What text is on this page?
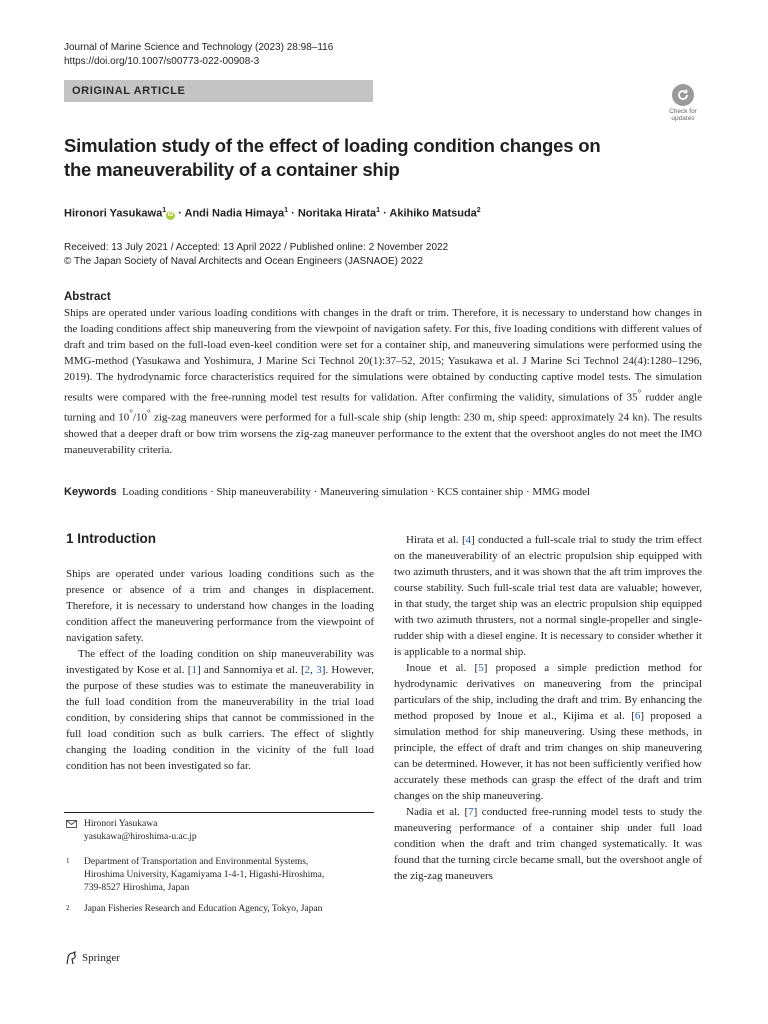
Journal of Marine Science and Technology (2023) 28:98–116
https://doi.org/10.1007/s00773-022-00908-3
ORIGINAL ARTICLE
Check for
updates
Simulation study of the effect of loading condition changes on the maneuverability of a container ship
Hironori Yasukawa$^1$iD · Andi Nadia Himaya$^1$ · Noritaka Hirata$^1$ · Akihiko Matsuda$^2$
Received: 13 July 2021 / Accepted: 13 April 2022 / Published online: 2 November 2022
© The Japan Society of Naval Architects and Ocean Engineers (JASNAOE) 2022
Abstract
Ships are operated under various loading conditions with changes in the draft or trim. Therefore, it is necessary to understand how changes in the loading conditions affect ship maneuvering from the viewpoint of navigation safety. For this, five loading conditions with different values of draft and trim based on the full-load even-keel condition were set for a container ship, and maneuvering simulations were performed using the MMG-method (Yasukawa and Yoshimura, J Marine Sci Technol 20(1):37–52, 2015; Yasukawa et al. J Marine Sci Technol 24(4):1280–1296, 2019). The hydrodynamic force characteristics required for the simulations were obtained by conducting captive model tests. The simulation results were compared with the free-running model test results for validation. After confirming the validity, simulations of 35° rudder angle turning and 10°/10° zig-zag maneuvers were performed for a full-scale ship (ship length: 230 m, ship speed: approximately 24 kn). The results showed that a deeper draft or bow trim worsens the zig-zag maneuver performance to the extent that the overshoot angles do not meet the IMO maneuverability criteria.
Keywords Loading conditions · Ship maneuverability · Maneuvering simulation · KCS container ship · MMG model
1 Introduction

Ships are operated under various loading conditions such as the presence or absence of a trim and changes in displacement. Therefore, it is necessary to understand how changes in the loading condition affect the maneuvering performance from the viewpoint of navigation safety.

The effect of the loading condition on ship maneuverability was investigated by Kose et al. [1] and Sannomiya et al. [2, 3]. However, the purpose of these studies was to estimate the maneuverability in the full load condition from the maneuverability in the trial load condition, by considering ships that cannot be commissioned in the full load condition such as bulk carriers. The effect of slightly changing the loading condition in the vicinity of the full load condition has not been investigated so far.

Hirata et al. [4] conducted a full-scale trial to study the trim effect on the maneuverability of an electric propulsion ship equipped with two azimuth thrusters, and it was shown that the aft trim improves the course stability. Such full-scale trial test data are valuable; however, in that study, the target ship was an electric propulsion ship equipped with two azimuth thrusters, not a normal single-propeller and single-rudder ship with a diesel engine. It is necessary to consider whether it is applicable to a normal ship.

Inoue et al. [5] proposed a simple prediction method for hydrodynamic derivatives on maneuvering from the principal particulars of the ship, including the draft and trim. By enhancing the method proposed by Inoue et al., Kijima et al. [6] proposed a simulation method for ship maneuvering. Using these methods, in principle, the effect of draft and trim changes on ship maneuvering can be determined. However, it has not been sufficiently verified how accurately these methods can grasp the effect of the draft and trim changes on the ship maneuvering.

Nadia et al. [7] conducted free-running model tests to study the maneuvering performance of a container ship under full load condition when the draft and trim changed systematically. It was found that the turning circle became small, but the overshoot angle of the zig-zag maneuvers

Hironori Yasukawa
yasukawa@hiroshima-u.ac.jp
1 Department of Transportation and Environmental Systems, Hiroshima University, Kagamiyama 1-4-1, Higashi-Hiroshima, 739-8527 Hiroshima, Japan
2 Japan Fisheries Research and Education Agency, Tokyo, Japan
Springer
